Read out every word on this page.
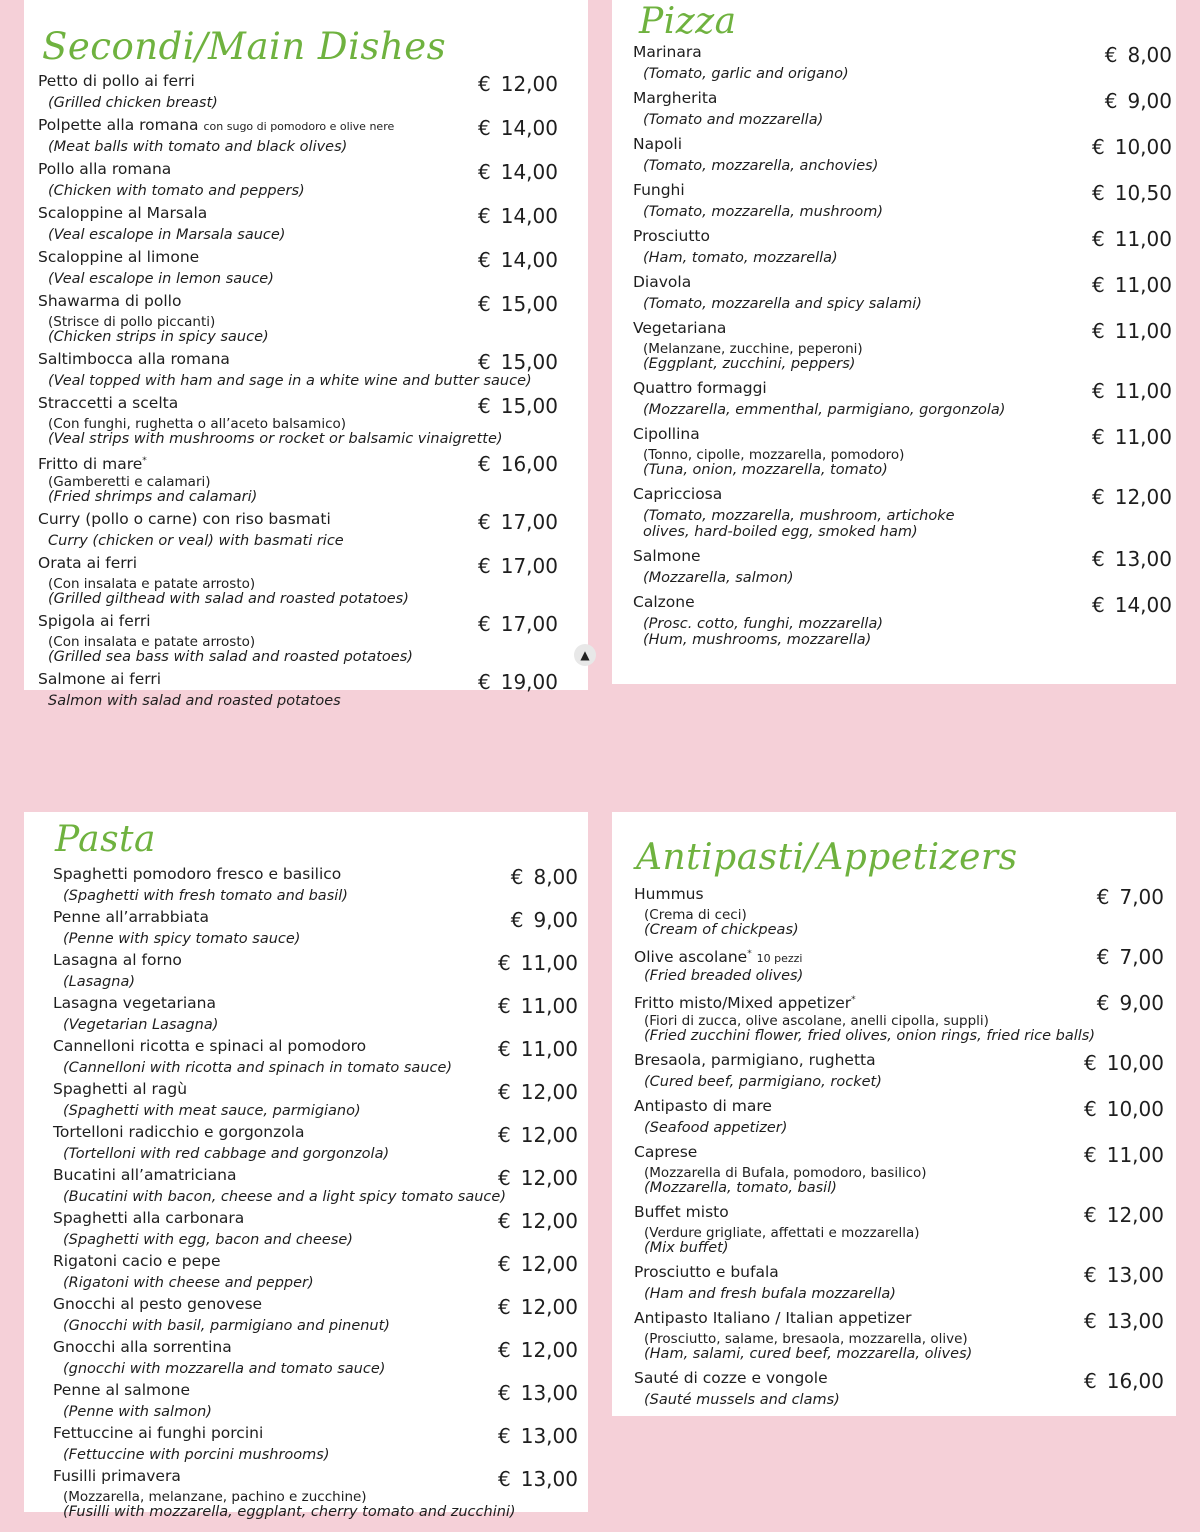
Secondi/Main Dishes
Petto di pollo ai ferri	€ 12,00
(Grilled chicken breast)
Polpette alla romana con sugo di pomodoro e olive nere	€ 14,00
(Meat balls with tomato and black olives)
Pollo alla romana	€ 14,00
(Chicken with tomato and peppers)
Scaloppine al Marsala	€ 14,00
(Veal escalope in Marsala sauce)
Scaloppine al limone	€ 14,00
(Veal escalope in lemon sauce)
Shawarma di pollo	€ 15,00
(Strisce di pollo piccanti)
(Chicken strips in spicy sauce)
Saltimbocca alla romana	€ 15,00
(Veal topped with ham and sage in a white wine and butter sauce)
Straccetti a scelta	€ 15,00
(Con funghi, rughetta o all’aceto balsamico)
(Veal strips with mushrooms or rocket or balsamic vinaigrette)
Fritto di mare*	€ 16,00
(Gamberetti e calamari)
(Fried shrimps and calamari)
Curry (pollo o carne) con riso basmati	€ 17,00
Curry (chicken or veal) with basmati rice
Orata ai ferri	€ 17,00
(Con insalata e patate arrosto)
(Grilled gilthead with salad and roasted potatoes)
Spigola ai ferri	€ 17,00
(Con insalata e patate arrosto)
(Grilled sea bass with salad and roasted potatoes)
Salmone ai ferri	€ 19,00
Salmon with salad and roasted potatoes
▲
Pizza
Marinara	€ 8,00
(Tomato, garlic and origano)
Margherita	€ 9,00
(Tomato and mozzarella)
Napoli	€ 10,00
(Tomato, mozzarella, anchovies)
Funghi	€ 10,50
(Tomato, mozzarella, mushroom)
Prosciutto	€ 11,00
(Ham, tomato, mozzarella)
Diavola	€ 11,00
(Tomato, mozzarella and spicy salami)
Vegetariana	€ 11,00
(Melanzane, zucchine, peperoni)
(Eggplant, zucchini, peppers)
Quattro formaggi	€ 11,00
(Mozzarella, emmenthal, parmigiano, gorgonzola)
Cipollina	€ 11,00
(Tonno, cipolle, mozzarella, pomodoro)
(Tuna, onion, mozzarella, tomato)
Capricciosa	€ 12,00
(Tomato, mozzarella, mushroom, artichoke
olives, hard-boiled egg, smoked ham)
Salmone	€ 13,00
(Mozzarella, salmon)
Calzone	€ 14,00
(Prosc. cotto, funghi, mozzarella)
(Hum, mushrooms, mozzarella)
Pasta
Spaghetti pomodoro fresco e basilico	€ 8,00
(Spaghetti with fresh tomato and basil)
Penne all’arrabbiata	€ 9,00
(Penne with spicy tomato sauce)
Lasagna al forno	€ 11,00
(Lasagna)
Lasagna vegetariana	€ 11,00
(Vegetarian Lasagna)
Cannelloni ricotta e spinaci al pomodoro	€ 11,00
(Cannelloni with ricotta and spinach in tomato sauce)
Spaghetti al ragù	€ 12,00
(Spaghetti with meat sauce, parmigiano)
Tortelloni radicchio e gorgonzola	€ 12,00
(Tortelloni with red cabbage and gorgonzola)
Bucatini all’amatriciana	€ 12,00
(Bucatini with bacon, cheese and a light spicy tomato sauce)
Spaghetti alla carbonara	€ 12,00
(Spaghetti with egg, bacon and cheese)
Rigatoni cacio e pepe	€ 12,00
(Rigatoni with cheese and pepper)
Gnocchi al pesto genovese	€ 12,00
(Gnocchi with basil, parmigiano and pinenut)
Gnocchi alla sorrentina	€ 12,00
(gnocchi with mozzarella and tomato sauce)
Penne al salmone	€ 13,00
(Penne with salmon)
Fettuccine ai funghi porcini	€ 13,00
(Fettuccine with porcini mushrooms)
Fusilli primavera	€ 13,00
(Mozzarella, melanzane, pachino e zucchine)
(Fusilli with mozzarella, eggplant, cherry tomato and zucchini)
Antipasti/Appetizers
Hummus	€ 7,00
(Crema di ceci)
(Cream of chickpeas)
Olive ascolane* 10 pezzi	€ 7,00
(Fried breaded olives)
Fritto misto/Mixed appetizer*	€ 9,00
(Fiori di zucca, olive ascolane, anelli cipolla, suppli)
(Fried zucchini flower, fried olives, onion rings, fried rice balls)
Bresaola, parmigiano, rughetta	€ 10,00
(Cured beef, parmigiano, rocket)
Antipasto di mare	€ 10,00
(Seafood appetizer)
Caprese	€ 11,00
(Mozzarella di Bufala, pomodoro, basilico)
(Mozzarella, tomato, basil)
Buffet misto	€ 12,00
(Verdure grigliate, affettati e mozzarella)
(Mix buffet)
Prosciutto e bufala	€ 13,00
(Ham and fresh bufala mozzarella)
Antipasto Italiano / Italian appetizer	€ 13,00
(Prosciutto, salame, bresaola, mozzarella, olive)
(Ham, salami, cured beef, mozzarella, olives)
Sauté di cozze e vongole	€ 16,00
(Sauté mussels and clams)
